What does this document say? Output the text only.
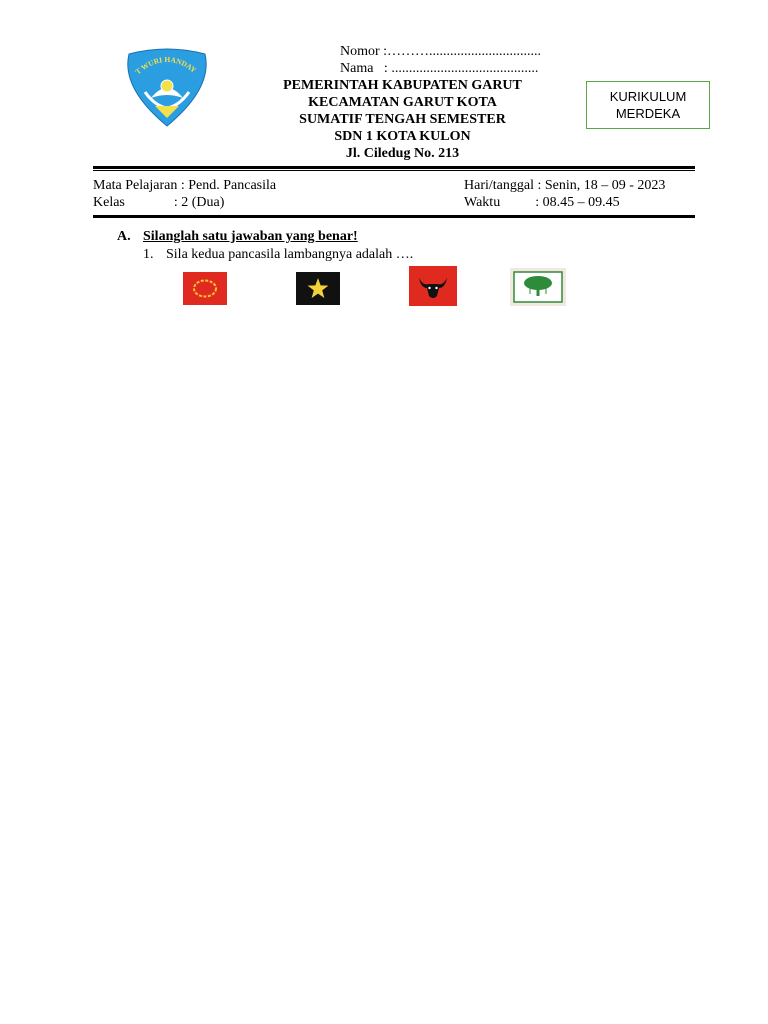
T WURI HANDAY
Nomor :………................................
Nama   : ..........................................
PEMERINTAH KABUPATEN GARUT
KECAMATAN GARUT KOTA
SUMATIF TENGAH SEMESTER
SDN 1 KOTA KULON
Jl. Ciledug No. 213
KURIKULUM
MERDEKA
Mata Pelajaran : Pend. Pancasila
Kelas              : 2 (Dua)
Hari/tanggal : Senin, 18 – 09 - 2023
Waktu          : 08.45 – 09.45
A. Silanglah satu jawaban yang benar!
1. Sila kedua pancasila lambangnya adalah ….
